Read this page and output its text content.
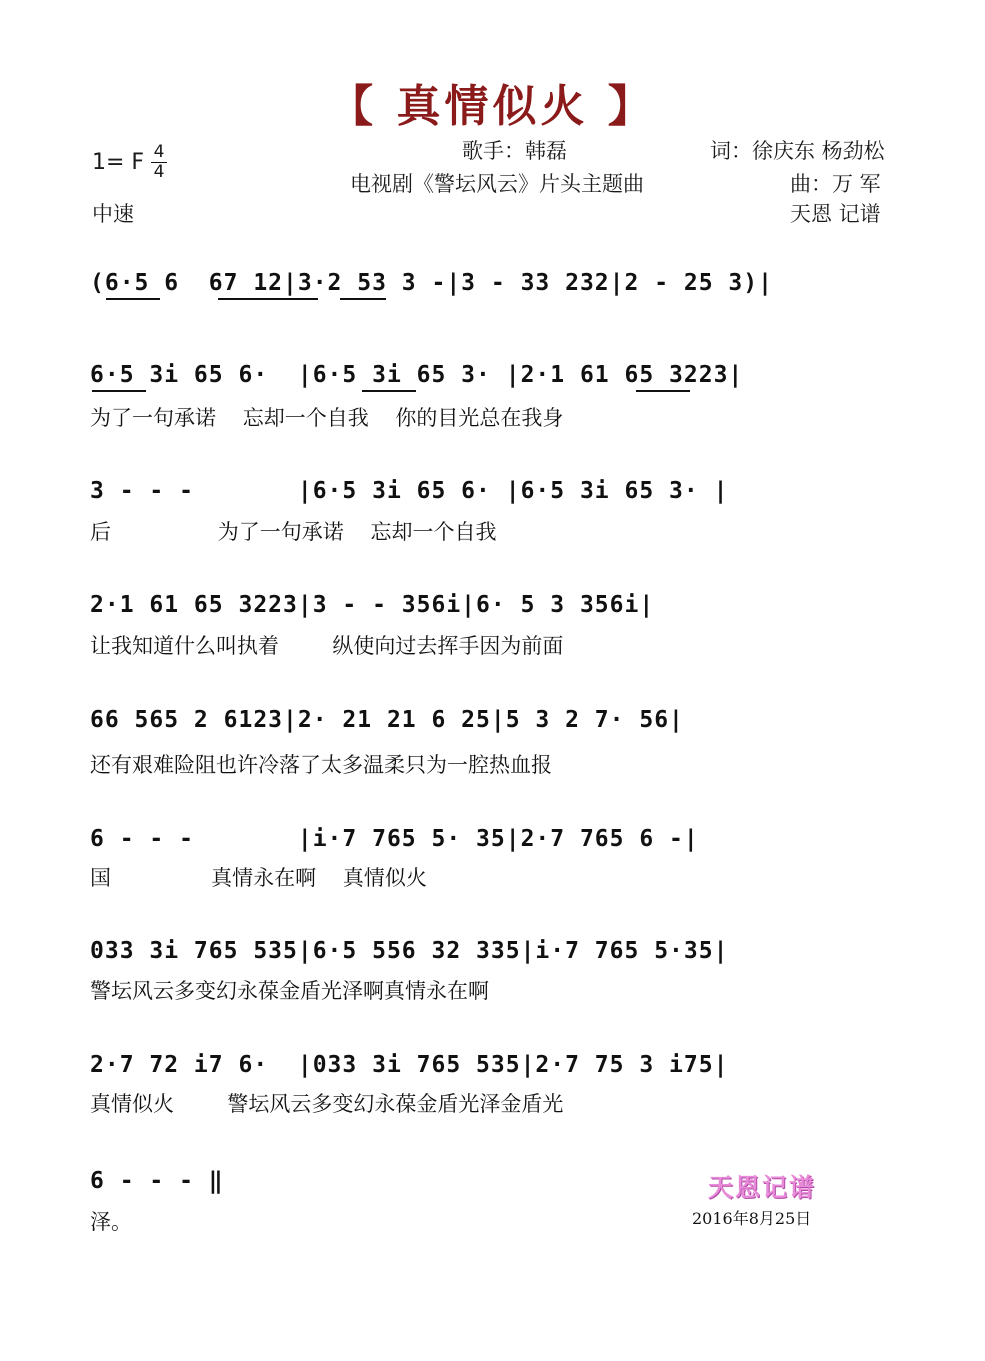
【 真情似火 】
1= F 4
4
中速
歌手：韩磊	词：徐庆东 杨劲松
电视剧《警坛风云》片头主题曲	曲：万 军
天恩 记谱
(6·5 6  67 12|3·2 53 3 -|3 - 33 232|2 - 25 3)|
6·5 3i 65 6·  |6·5 3i 65 3· |2·1 61 65 3223|
为了一句承诺    忘却一个自我    你的目光总在我身
3 - - -       |6·5 3i 65 6· |6·5 3i 65 3· |
后                为了一句承诺    忘却一个自我
2·1 61 65 3223|3 - - 356i|6· 5 3 356i|
让我知道什么叫执着        纵使向过去挥手因为前面
66 565 2 6123|2· 21 21 6 25|5 3 2 7· 56|
还有艰难险阻也许冷落了太多温柔只为一腔热血报
6 - - -       |i·7 765 5· 35|2·7 765 6 -|
国               真情永在啊    真情似火
033 3i 765 535|6·5 556 32 335|i·7 765 5·35|
警坛风云多变幻永葆金盾光泽啊真情永在啊
2·7 72 i7 6·  |033 3i 765 535|2·7 75 3 i75|
真情似火        警坛风云多变幻永葆金盾光泽金盾光
6 - - - ‖
泽。
天恩记谱
2016年8月25日
